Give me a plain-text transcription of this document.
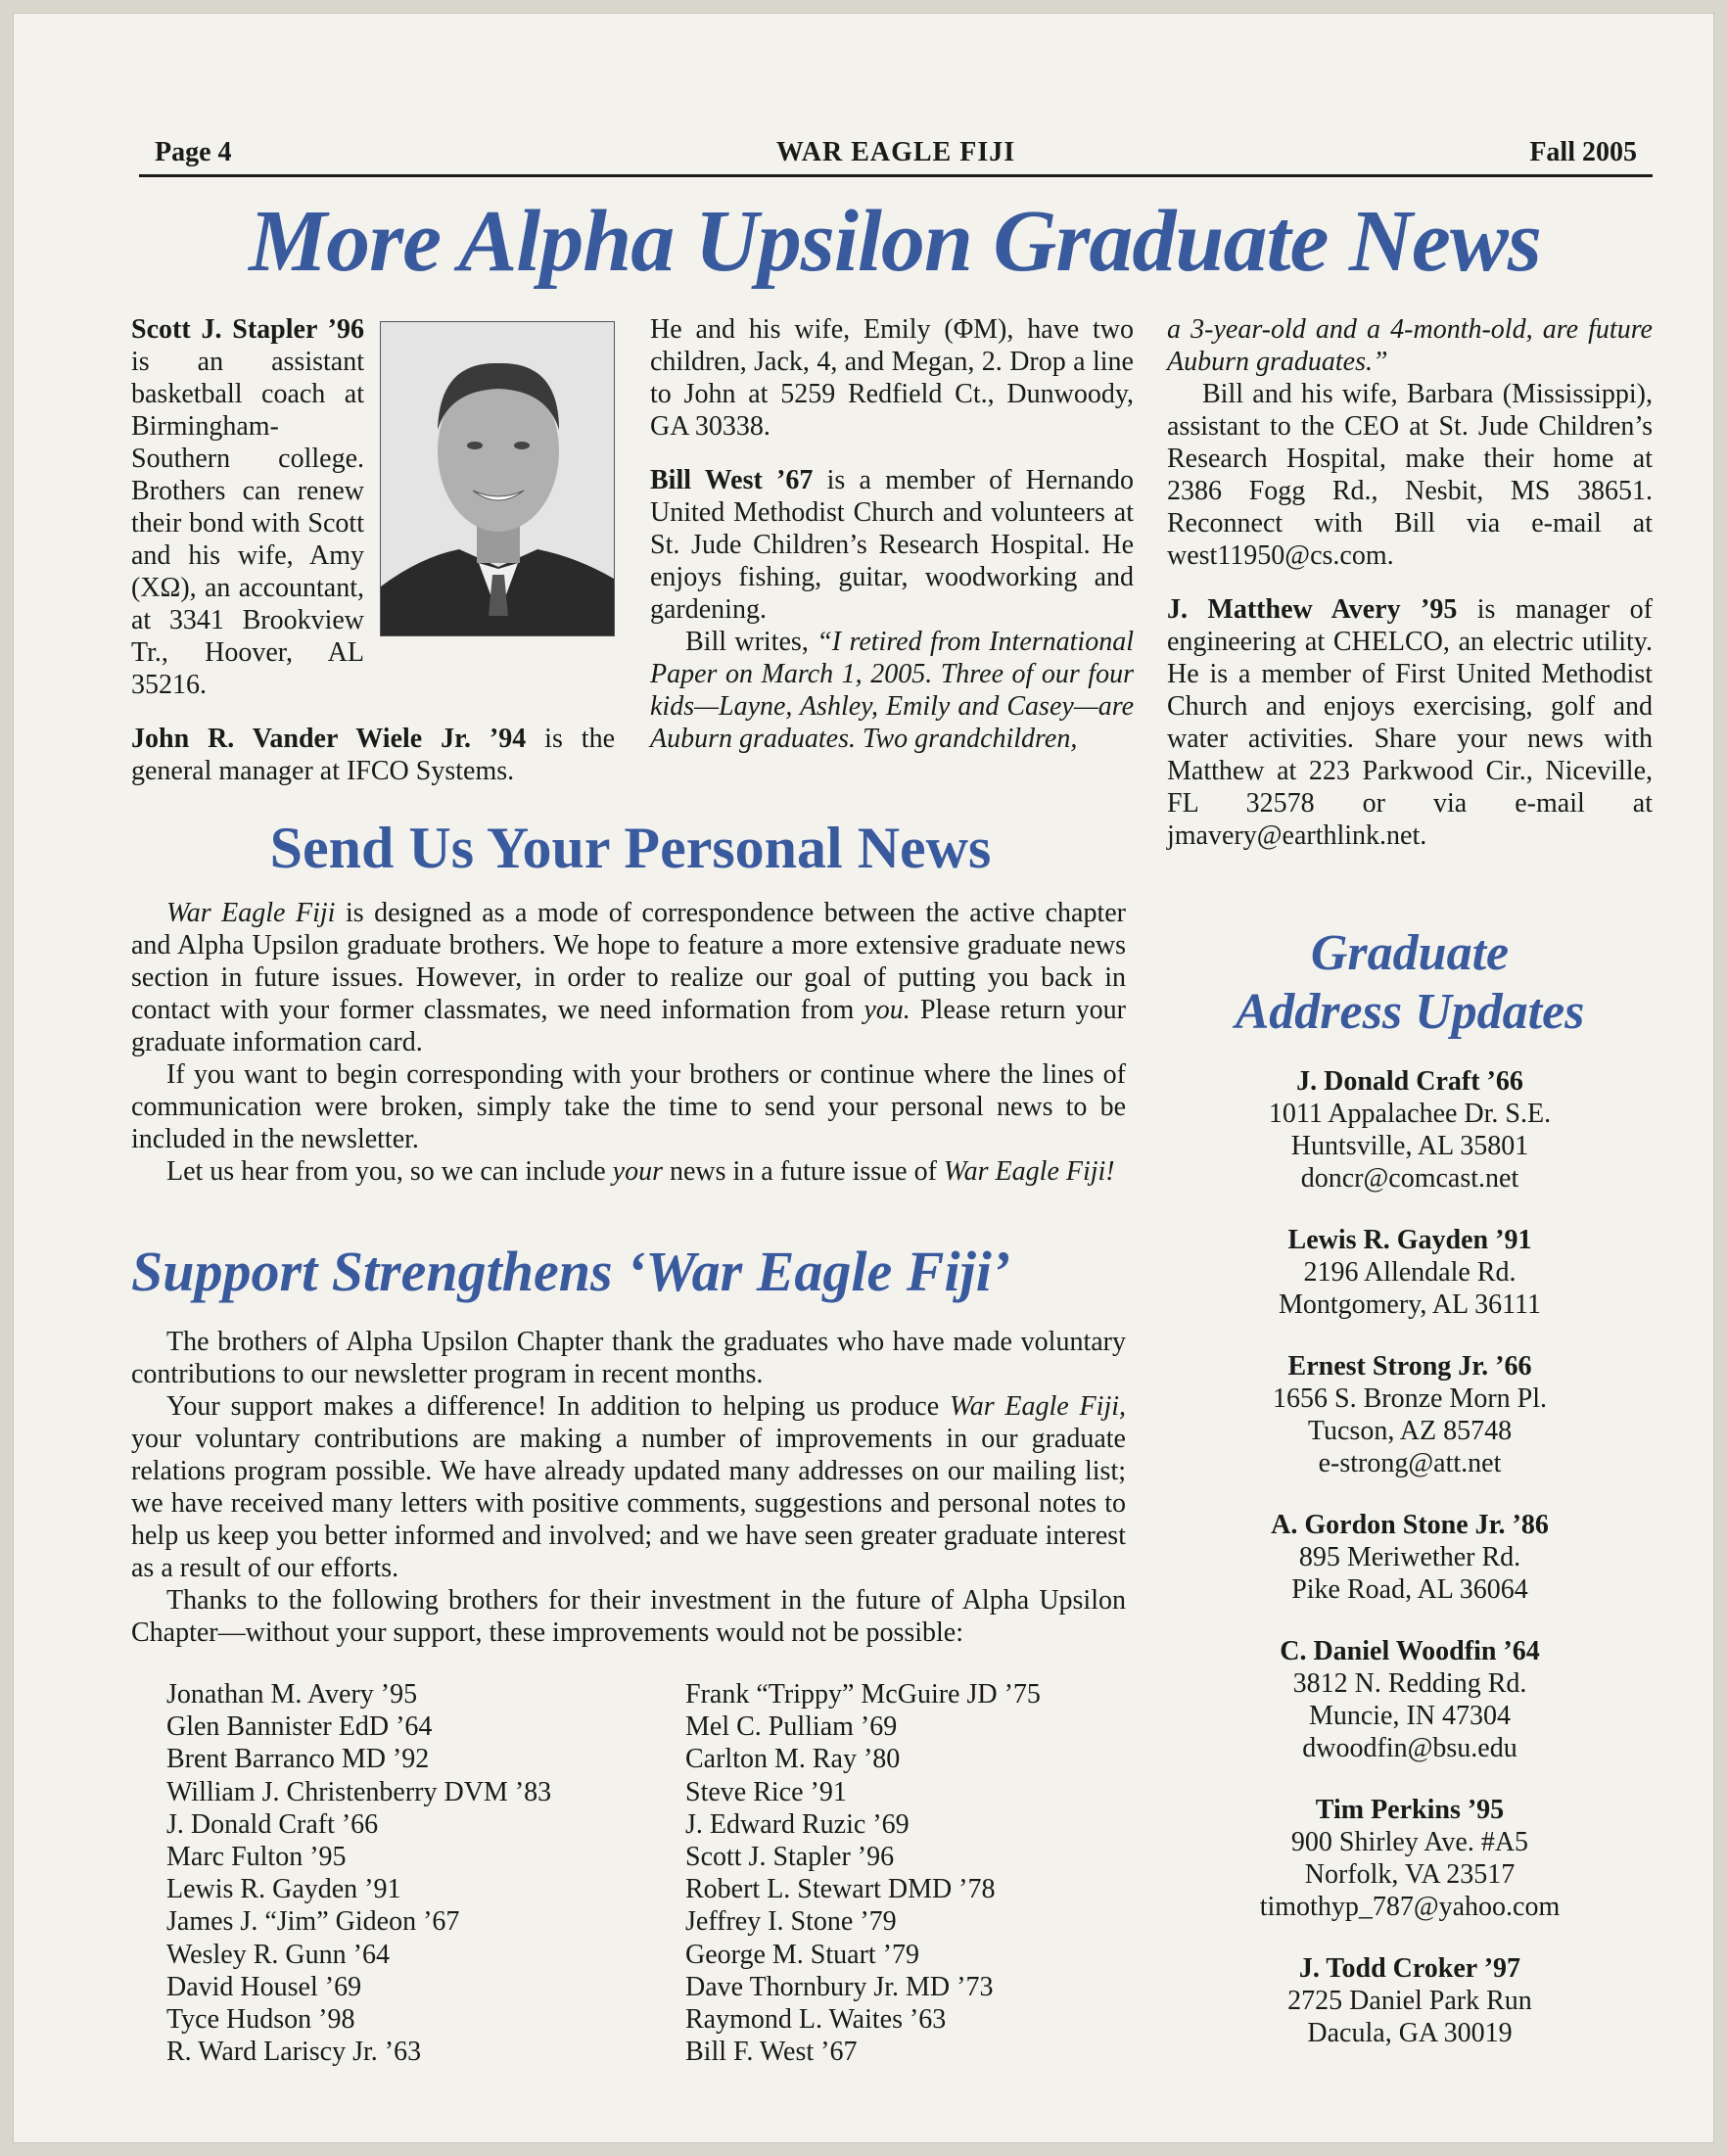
WAR EAGLE FIJI
Page 4	Fall 2005
More Alpha Upsilon Graduate News

Scott J. Stapler ’96
is an assistant basketball coach at Birmingham-Southern college. Brothers can renew their bond with Scott and his wife, Amy (ΧΩ), an accountant, at 3341 Brookview Tr., Hoover, AL 35216.

John R. Vander Wiele Jr. ’94 is the general manager at IFCO Systems.

He and his wife, Emily (ΦM), have two children, Jack, 4, and Megan, 2. Drop a line to John at 5259 Redfield Ct., Dunwoody, GA 30338.

Bill West ’67 is a member of Hernando United Methodist Church and volunteers at St. Jude Children’s Research Hospital. He enjoys fishing, guitar, woodworking and gardening.

Bill writes, “I retired from International Paper on March 1, 2005. Three of our four kids—Layne, Ashley, Emily and Casey—are Auburn graduates. Two grandchildren,

a 3-year-old and a 4-month-old, are future Auburn graduates.”

Bill and his wife, Barbara (Mississippi), assistant to the CEO at St. Jude Children’s Research Hospital, make their home at 2386 Fogg Rd., Nesbit, MS 38651. Reconnect with Bill via e-mail at west11950@cs.com.

J. Matthew Avery ’95 is manager of engineering at CHELCO, an electric utility. He is a member of First United Methodist Church and enjoys exercising, golf and water activities. Share your news with Matthew at 223 Parkwood Cir., Niceville, FL 32578 or via e-mail at jmavery@earthlink.net.

Send Us Your Personal News

War Eagle Fiji is designed as a mode of correspondence between the active chapter and Alpha Upsilon graduate brothers. We hope to feature a more extensive graduate news section in future issues. However, in order to realize our goal of putting you back in contact with your former classmates, we need information from you. Please return your graduate information card.

If you want to begin corresponding with your brothers or continue where the lines of communication were broken, simply take the time to send your personal news to be included in the newsletter.

Let us hear from you, so we can include your news in a future issue of War Eagle Fiji!

Support Strengthens ‘War Eagle Fiji’

The brothers of Alpha Upsilon Chapter thank the graduates who have made voluntary contributions to our newsletter program in recent months.

Your support makes a difference! In addition to helping us produce War Eagle Fiji, your voluntary contributions are making a number of improvements in our graduate relations program possible. We have already updated many addresses on our mailing list; we have received many letters with positive comments, suggestions and personal notes to help us keep you better informed and involved; and we have seen greater graduate interest as a result of our efforts.

Thanks to the following brothers for their investment in the future of Alpha Upsilon Chapter—without your support, these improvements would not be possible:

Jonathan M. Avery ’95
Glen Bannister EdD ’64
Brent Barranco MD ’92
William J. Christenberry DVM ’83
J. Donald Craft ’66
Marc Fulton ’95
Lewis R. Gayden ’91
James J. “Jim” Gideon ’67
Wesley R. Gunn ’64
David Housel ’69
Tyce Hudson ’98
R. Ward Lariscy Jr. ’63
Frank “Trippy” McGuire JD ’75
Mel C. Pulliam ’69
Carlton M. Ray ’80
Steve Rice ’91
J. Edward Ruzic ’69
Scott J. Stapler ’96
Robert L. Stewart DMD ’78
Jeffrey I. Stone ’79
George M. Stuart ’79
Dave Thornbury Jr. MD ’73
Raymond L. Waites ’63
Bill F. West ’67
Graduate
Address Updates
J. Donald Craft ’66
1011 Appalachee Dr. S.E.
Huntsville, AL 35801
doncr@comcast.net
Lewis R. Gayden ’91
2196 Allendale Rd.
Montgomery, AL 36111
Ernest Strong Jr. ’66
1656 S. Bronze Morn Pl.
Tucson, AZ 85748
e-strong@att.net
A. Gordon Stone Jr. ’86
895 Meriwether Rd.
Pike Road, AL 36064
C. Daniel Woodfin ’64
3812 N. Redding Rd.
Muncie, IN 47304
dwoodfin@bsu.edu
Tim Perkins ’95
900 Shirley Ave. #A5
Norfolk, VA 23517
timothyp_787@yahoo.com
J. Todd Croker ’97
2725 Daniel Park Run
Dacula, GA 30019
